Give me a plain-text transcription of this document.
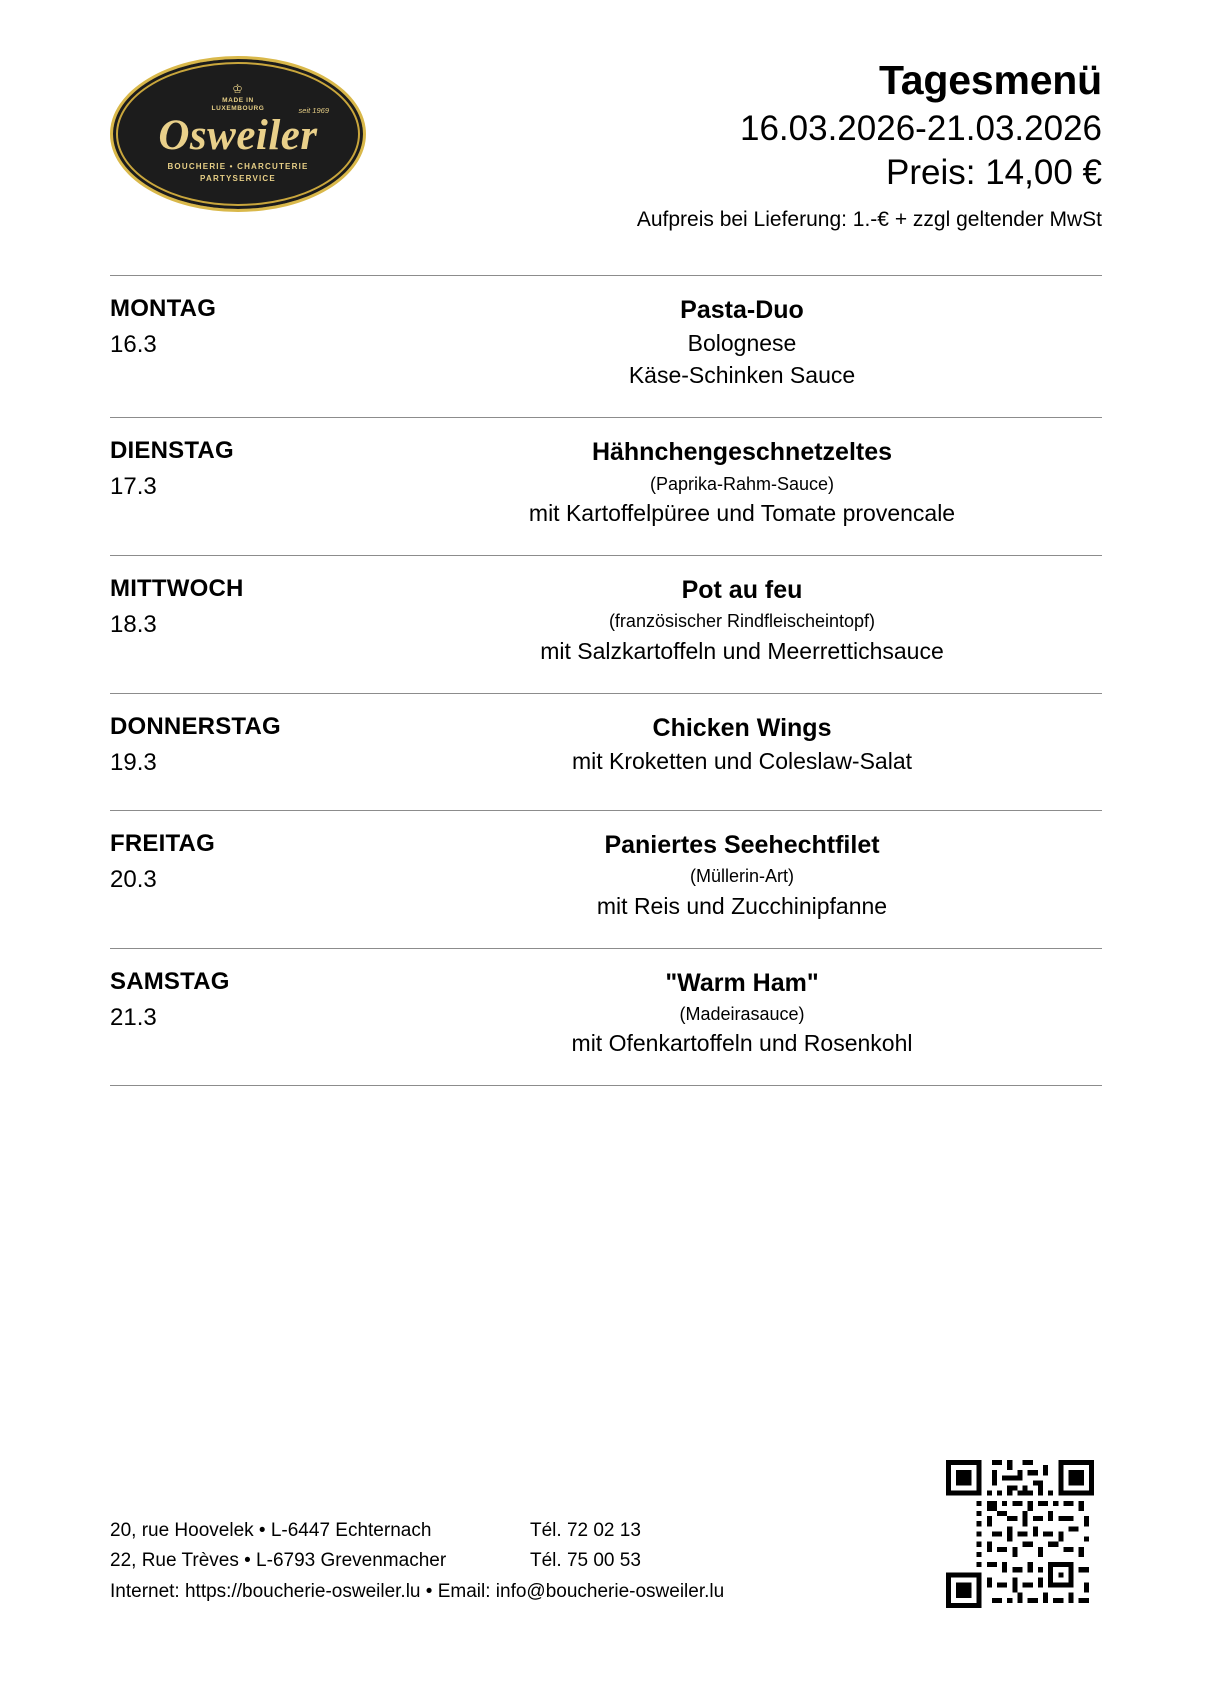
♔
MADE IN
LUXEMBOURG
Osweiler
seit 1969
BOUCHERIE • CHARCUTERIE
PARTYSERVICE
Tagesmenü
16.03.2026-21.03.2026
Preis: 14,00 €
Aufpreis bei Lieferung: 1.-€ + zzgl geltender MwSt
MONTAG
16.3
Pasta-Duo
Bolognese
Käse-Schinken Sauce
DIENSTAG
17.3
Hähnchengeschnetzeltes
(Paprika-Rahm-Sauce)
mit Kartoffelpüree und Tomate provencale
MITTWOCH
18.3
Pot au feu
(französischer Rindfleischeintopf)
mit Salzkartoffeln und Meerrettichsauce
DONNERSTAG
19.3
Chicken Wings
mit Kroketten und Coleslaw-Salat
FREITAG
20.3
Paniertes Seehechtfilet
(Müllerin-Art)
mit Reis und Zucchinipfanne
SAMSTAG
21.3
"Warm Ham"
(Madeirasauce)
mit Ofenkartoffeln und Rosenkohl
20, rue Hoovelek • L-6447 Echternach	Tél. 72 02 13
22, Rue Trèves • L-6793 Grevenmacher	Tél. 75 00 53
Internet: https://boucherie-osweiler.lu • Email: info@boucherie-osweiler.lu
